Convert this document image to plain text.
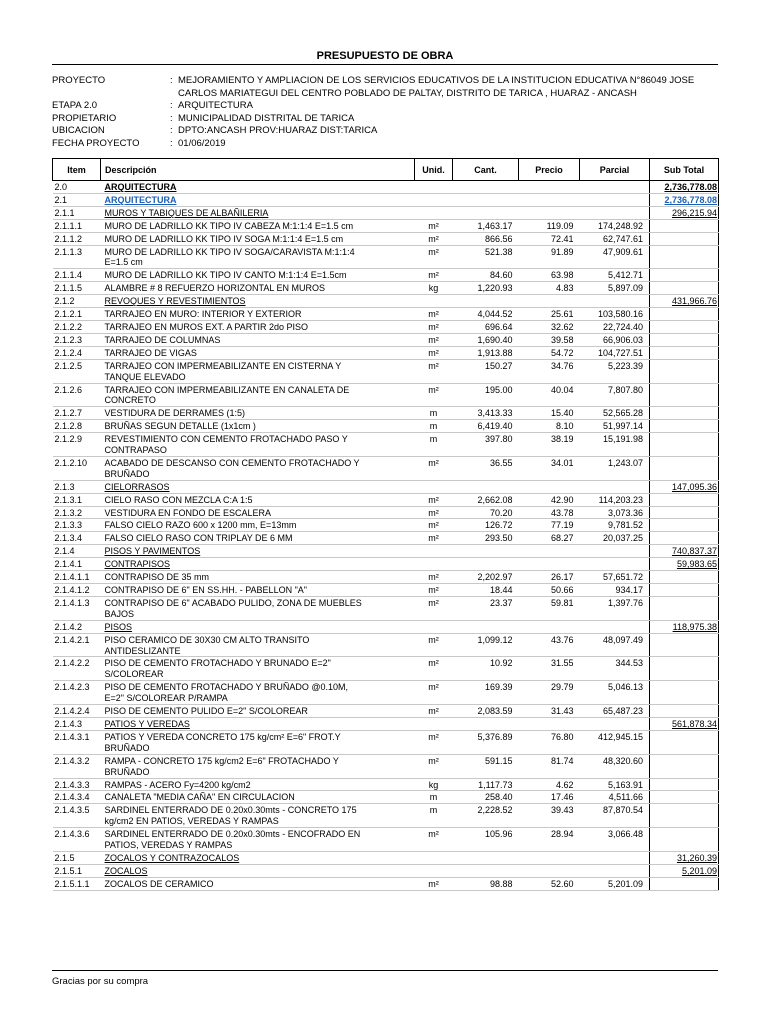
PRESUPUESTO DE OBRA
PROYECTO	: MEJORAMIENTO Y AMPLIACION DE LOS SERVICIOS EDUCATIVOS DE LA INSTITUCION EDUCATIVA N°86049 JOSE
CARLOS MARIATEGUI DEL CENTRO POBLADO DE PALTAY, DISTRITO DE TARICA , HUARAZ - ANCASH
ETAPA 2.0	: ARQUITECTURA
PROPIETARIO	: MUNICIPALIDAD DISTRITAL DE TARICA
UBICACION	: DPTO:ANCASH PROV:HUARAZ DIST:TARICA
FECHA PROYECTO	: 01/06/2019
Item	Descripción	Unid.	Cant.	Precio	Parcial	Sub Total
2.0	ARQUITECTURA					2,736,778.08
2.1	ARQUITECTURA					2,736,778.08
2.1.1	MUROS Y TABIQUES DE ALBAÑILERIA					296,215.94
2.1.1.1	MURO DE LADRILLO KK TIPO IV CABEZA M:1:1:4 E=1.5 cm	m²	1,463.17	119.09	174,248.92	
2.1.1.2	MURO DE LADRILLO KK TIPO IV SOGA M:1:1:4 E=1.5 cm	m²	866.56	72.41	62,747.61	
2.1.1.3	MURO DE LADRILLO KK TIPO IV SOGA/CARAVISTA M:1:1:4
E=1.5 cm	m²	521.38	91.89	47,909.61	
2.1.1.4	MURO DE LADRILLO KK TIPO IV CANTO M:1:1:4 E=1.5cm	m²	84.60	63.98	5,412.71	
2.1.1.5	ALAMBRE # 8 REFUERZO HORIZONTAL EN MUROS	kg	1,220.93	4.83	5,897.09	
2.1.2	REVOQUES Y REVESTIMIENTOS					431,966.76
2.1.2.1	TARRAJEO EN MURO: INTERIOR Y EXTERIOR	m²	4,044.52	25.61	103,580.16	
2.1.2.2	TARRAJEO EN MUROS EXT. A PARTIR 2do PISO	m²	696.64	32.62	22,724.40	
2.1.2.3	TARRAJEO DE COLUMNAS	m²	1,690.40	39.58	66,906.03	
2.1.2.4	TARRAJEO DE VIGAS	m²	1,913.88	54.72	104,727.51	
2.1.2.5	TARRAJEO CON IMPERMEABILIZANTE EN CISTERNA Y
TANQUE ELEVADO	m²	150.27	34.76	5,223.39	
2.1.2.6	TARRAJEO CON IMPERMEABILIZANTE EN CANALETA DE
CONCRETO	m²	195.00	40.04	7,807.80	
2.1.2.7	VESTIDURA DE DERRAMES (1:5)	m	3,413.33	15.40	52,565.28	
2.1.2.8	BRUÑAS SEGUN DETALLE (1x1cm )	m	6,419.40	8.10	51,997.14	
2.1.2.9	REVESTIMIENTO CON CEMENTO FROTACHADO PASO Y
CONTRAPASO	m	397.80	38.19	15,191.98	
2.1.2.10	ACABADO DE DESCANSO CON CEMENTO FROTACHADO Y
BRUÑADO	m²	36.55	34.01	1,243.07	
2.1.3	CIELORRASOS					147,095.36
2.1.3.1	CIELO RASO CON MEZCLA C:A 1:5	m²	2,662.08	42.90	114,203.23	
2.1.3.2	VESTIDURA EN FONDO DE ESCALERA	m²	70.20	43.78	3,073.36	
2.1.3.3	FALSO CIELO RAZO 600 x 1200 mm, E=13mm	m²	126.72	77.19	9,781.52	
2.1.3.4	FALSO CIELO RASO CON TRIPLAY DE 6 MM	m²	293.50	68.27	20,037.25	
2.1.4	PISOS Y PAVIMENTOS					740,837.37
2.1.4.1	CONTRAPISOS					59,983.65
2.1.4.1.1	CONTRAPISO DE 35 mm	m²	2,202.97	26.17	57,651.72	
2.1.4.1.2	CONTRAPISO DE 6" EN SS.HH. - PABELLON "A"	m²	18.44	50.66	934.17	
2.1.4.1.3	CONTRAPISO DE 6" ACABADO PULIDO, ZONA DE MUEBLES
BAJOS	m²	23.37	59.81	1,397.76	
2.1.4.2	PISOS					118,975.38
2.1.4.2.1	PISO CERAMICO DE 30X30 CM ALTO TRANSITO
ANTIDESLIZANTE	m²	1,099.12	43.76	48,097.49	
2.1.4.2.2	PISO DE CEMENTO FROTACHADO Y BRUNADO E=2"
S/COLOREAR	m²	10.92	31.55	344.53	
2.1.4.2.3	PISO DE CEMENTO FROTACHADO Y BRUÑADO @0.10M,
E=2" S/COLOREAR P/RAMPA	m²	169.39	29.79	5,046.13	
2.1.4.2.4	PISO DE CEMENTO PULIDO E=2" S/COLOREAR	m²	2,083.59	31.43	65,487.23	
2.1.4.3	PATIOS Y VEREDAS					561,878.34
2.1.4.3.1	PATIOS Y VEREDA CONCRETO 175 kg/cm² E=6" FROT.Y
BRUÑADO	m²	5,376.89	76.80	412,945.15	
2.1.4.3.2	RAMPA - CONCRETO 175 kg/cm2 E=6" FROTACHADO Y
BRUÑADO	m²	591.15	81.74	48,320.60	
2.1.4.3.3	RAMPAS - ACERO Fy=4200 kg/cm2	kg	1,117.73	4.62	5,163.91	
2.1.4.3.4	CANALETA "MEDIA CAÑA" EN CIRCULACION	m	258.40	17.46	4,511.66	
2.1.4.3.5	SARDINEL ENTERRADO DE 0.20x0.30mts - CONCRETO 175
kg/cm2 EN PATIOS, VEREDAS Y RAMPAS	m	2,228.52	39.43	87,870.54	
2.1.4.3.6	SARDINEL ENTERRADO DE 0.20x0.30mts - ENCOFRADO EN
PATIOS, VEREDAS Y RAMPAS	m²	105.96	28.94	3,066.48	
2.1.5	ZOCALOS Y CONTRAZOCALOS					31,260.39
2.1.5.1	ZOCALOS					5,201.09
2.1.5.1.1	ZOCALOS DE CERAMICO	m²	98.88	52.60	5,201.09	
Gracias por su compra
